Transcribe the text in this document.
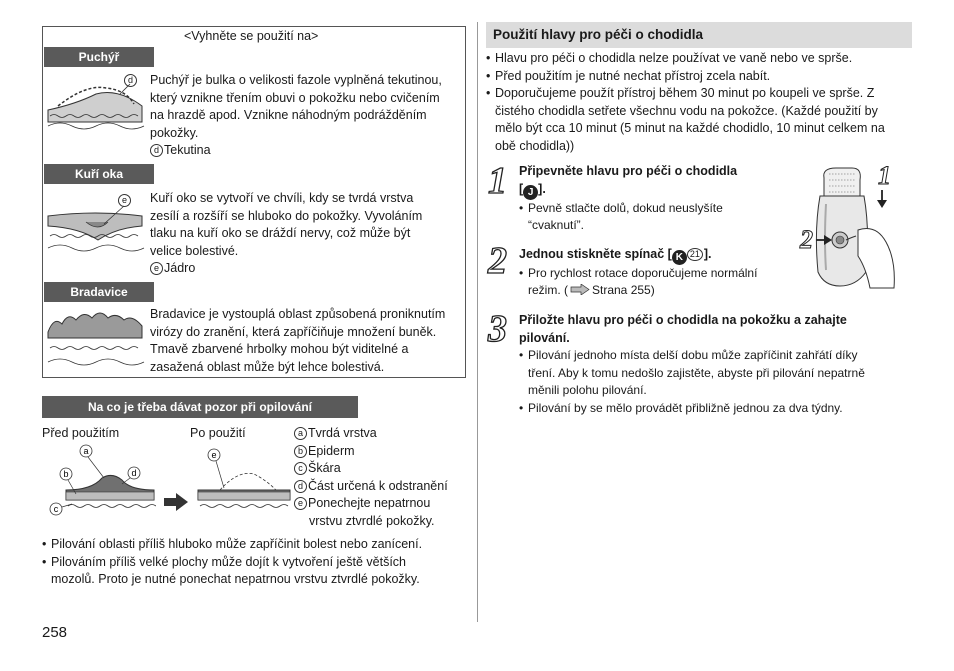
<Vyhněte se použití na>
Puchýř
d	Puchýř je bulka o velikosti fazole vyplněná tekutinou,
který vznikne třením obuvi o pokožku nebo cvičením
na hrazdě apod. Vznikne náhodným podrážděním
pokožky.
d Tekutina
Kuří oka
e	Kuří oko se vytvoří ve chvíli, kdy se tvrdá vrstva
zesílí a rozšíří se hluboko do pokožky. Vyvoláním
tlaku na kuří oko se dráždí nervy, což může být
velice bolestivé.
e Jádro
Bradavice
Bradavice je vystouplá oblast způsobená proniknutím
virózy do zranění, která zapříčiňuje množení buněk.
Tmavě zbarvené hrbolky mohou být viditelné a
zasažená oblast může být lehce bolestivá.
Na co je třeba dávat pozor při opilování
Před použitím	Po použití
a
b	d
c
e
a Tvrdá vrstva
b Epiderm
c Škára
d Část určená k odstranění
e Ponechejte nepatrnou
vrstvu ztvrdlé pokožky.
• Pilování oblasti příliš hluboko může zapříčinit bolest nebo zanícení.
• Pilováním příliš velké plochy může dojít k vytvoření ještě větších
mozolů. Proto je nutné ponechat nepatrnou vrstvu ztvrdlé pokožky.
258
Použití hlavy pro péči o chodidla
• Hlavu pro péči o chodidla nelze používat ve vaně nebo ve sprše.
• Před použitím je nutné nechat přístroj zcela nabít.
• Doporučujeme použít přístroj během 30 minut po koupeli ve sprše. Z
čistého chodidla setřete všechnu vodu na pokožce. (Každé použití by
mělo být cca 10 minut (5 minut na každé chodidlo, 10 minut celkem na
obě chodidla))
1 Připevněte hlavu pro péči o chodidla
[ J ].
• Pevně stlačte dolů, dokud neuslyšíte
“cvaknutí”.
2 Jednou stiskněte spínač [ K 21 ].
• Pro rychlost rotace doporučujeme normální
režim. ( Strana 255)
1
2
3 Přiložte hlavu pro péči o chodidla na pokožku a zahajte
pilování.
• Pilování jednoho místa delší dobu může zapříčinit zahřátí díky
tření. Aby k tomu nedošlo zajistěte, abyste při pilování nepatrně
měnili polohu pilování.
• Pilování by se mělo provádět přibližně jednou za dva týdny.
